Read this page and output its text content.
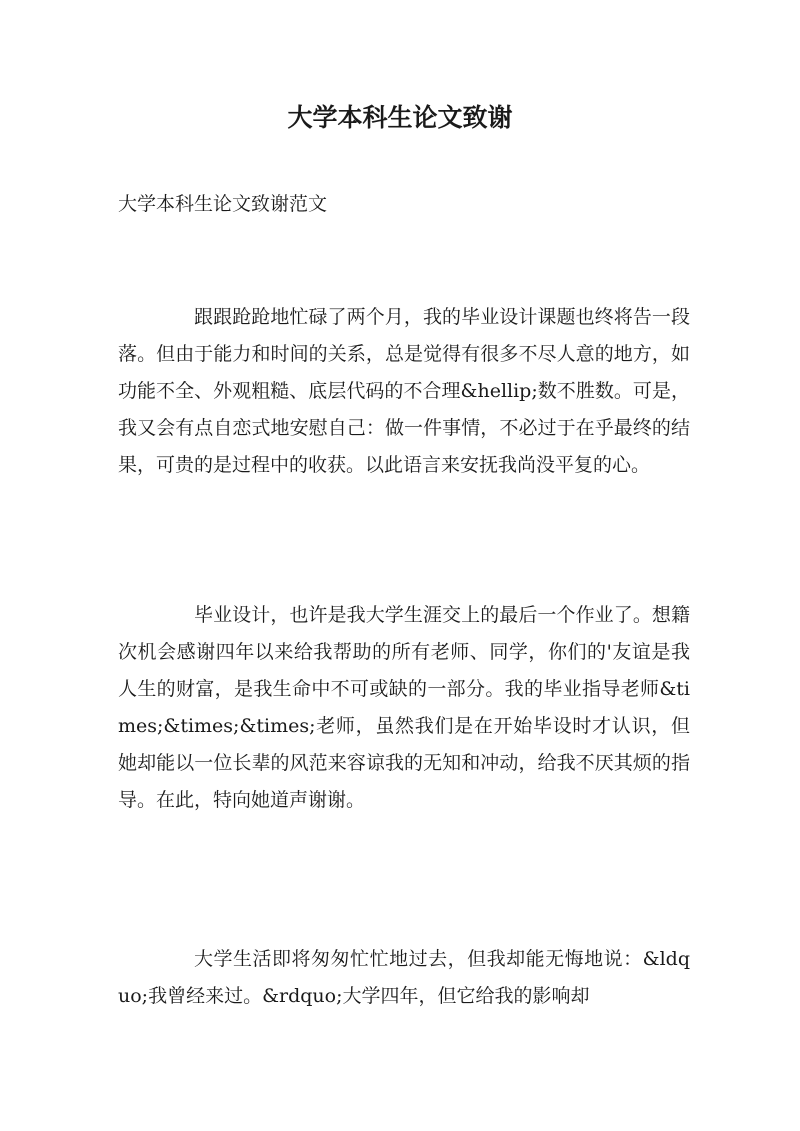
大学本科生论文致谢

大学本科生论文致谢范文

跟跟跄跄地忙碌了两个月，我的毕业设计课题也终将告一段落。但由于能力和时间的关系，总是觉得有很多不尽人意的地方，如功能不全、外观粗糙、底层代码的不合理&hellip;数不胜数。可是，我又会有点自恋式地安慰自己：做一件事情，不必过于在乎最终的结果，可贵的是过程中的收获。以此语言来安抚我尚没平复的心。

毕业设计，也许是我大学生涯交上的最后一个作业了。想籍次机会感谢四年以来给我帮助的所有老师、同学，你们的'友谊是我人生的财富，是我生命中不可或缺的一部分。我的毕业指导老师&times;&times;&times;老师，虽然我们是在开始毕设时才认识，但她却能以一位长辈的风范来容谅我的无知和冲动，给我不厌其烦的指导。在此，特向她道声谢谢。

大学生活即将匆匆忙忙地过去，但我却能无悔地说：&ldquo;我曾经来过。&rdquo;大学四年，但它给我的影响却
